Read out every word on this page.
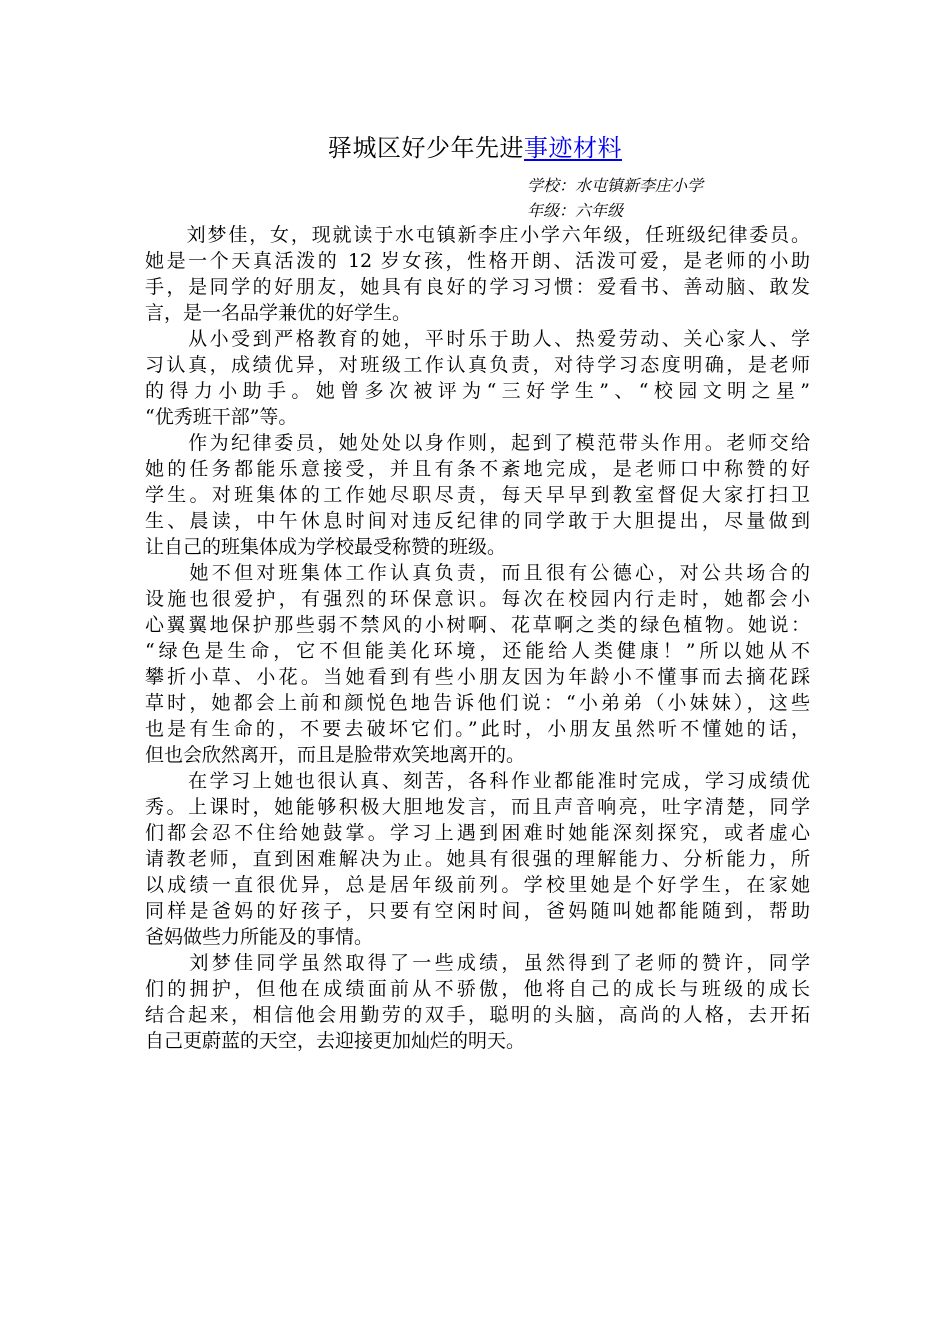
驿城区好少年先进事迹材料
学校：水屯镇新李庄小学
年级：六年级
　　刘梦佳，女，现就读于水屯镇新李庄小学六年级，任班级纪律委员。
她是一个天真活泼的 12 岁女孩，性格开朗、活泼可爱，是老师的小助
手，是同学的好朋友，她具有良好的学习习惯：爱看书、善动脑、敢发
言，是一名品学兼优的好学生。
　　从小受到严格教育的她，平时乐于助人、热爱劳动、关心家人、学
习认真，成绩优异，对班级工作认真负责，对待学习态度明确，是老师
的得力小助手。她曾多次被评为“三好学生”、“校园文明之星”
“优秀班干部”等。
　　作为纪律委员，她处处以身作则，起到了模范带头作用。老师交给
她的任务都能乐意接受，并且有条不紊地完成，是老师口中称赞的好
学生。对班集体的工作她尽职尽责，每天早早到教室督促大家打扫卫
生、晨读，中午休息时间对违反纪律的同学敢于大胆提出，尽量做到
让自己的班集体成为学校最受称赞的班级。
　　她不但对班集体工作认真负责，而且很有公德心，对公共场合的
设施也很爱护，有强烈的环保意识。每次在校园内行走时，她都会小
心翼翼地保护那些弱不禁风的小树啊、花草啊之类的绿色植物。她说：
“绿色是生命，它不但能美化环境，还能给人类健康！”所以她从不
攀折小草、小花。当她看到有些小朋友因为年龄小不懂事而去摘花踩
草时，她都会上前和颜悦色地告诉他们说：“小弟弟（小妹妹），这些
也是有生命的，不要去破坏它们。”此时，小朋友虽然听不懂她的话，
但也会欣然离开，而且是脸带欢笑地离开的。
　　在学习上她也很认真、刻苦，各科作业都能准时完成，学习成绩优
秀。上课时，她能够积极大胆地发言，而且声音响亮，吐字清楚，同学
们都会忍不住给她鼓掌。学习上遇到困难时她能深刻探究，或者虚心
请教老师，直到困难解决为止。她具有很强的理解能力、分析能力，所
以成绩一直很优异，总是居年级前列。学校里她是个好学生，在家她
同样是爸妈的好孩子，只要有空闲时间，爸妈随叫她都能随到，帮助
爸妈做些力所能及的事情。
　　刘梦佳同学虽然取得了一些成绩，虽然得到了老师的赞许，同学
们的拥护，但他在成绩面前从不骄傲，他将自己的成长与班级的成长
结合起来，相信他会用勤劳的双手，聪明的头脑，高尚的人格，去开拓
自己更蔚蓝的天空，去迎接更加灿烂的明天。
